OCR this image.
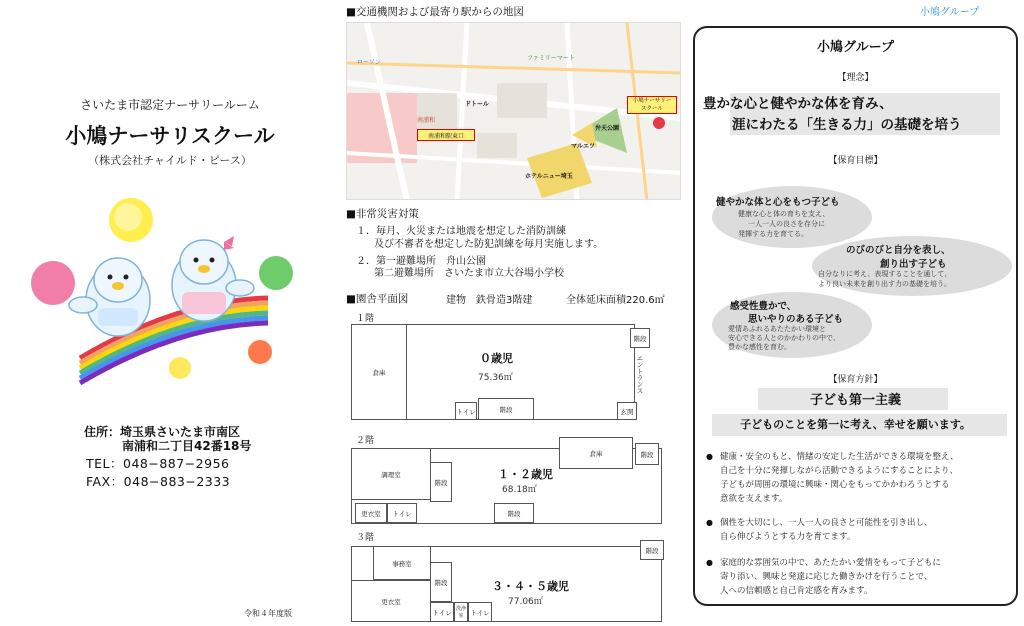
さいたま市認定ナーサリールーム
小鳩ナーサリスクール
（株式会社チャイルド・ピース）
住所：埼玉県さいたま市南区
南浦和二丁目42番18号
TEL：048−887−2956
FAX：048−883−2333
令和４年度版
■交通機関および最寄り駅からの地図
南浦和駅東口
小鳩ナーサリー
スクール
弁天公園
ドトール
ホテルニュー埼玉
マルエツ
南浦和
ローソン
ファミリーマート
■非常災害対策
１．毎月、火災または地震を想定した消防訓練
及び不審者を想定した防犯訓練を毎月実施します。
２．第一避難場所　舟山公園
第二避難場所　さいたま市立大谷場小学校
■園舎平面図	建物　鉄骨造3階建	全体延床面積220.6㎡
１階
倉庫
０歳児
75.36㎡
トイレ	階段
階段
エントランス
玄関
２階
調理室
階段
１・２歳児
68.18㎡
倉庫	階段
更衣室	トイレ	階段
３階
事務室
階段	３・４・５歳児
77.06㎡
階段
更衣室
トイレ 洗浄室	トイレ
小鳩グループ
小鳩グループ
【理念】
豊かな心と健やかな体を育み、
涯にわたる「生きる力」の基礎を培う
【保育目標】
健やかな体と心をもつ子ども
健康な心と体の育ちを支え、
一人一人の良さを存分に
発揮する力を育てる。
のびのびと自分を表し、
創り出す子ども
自分なりに考え、表現することを通して、
より良い未来を創り出す力の基礎を培う。
感受性豊かで、
思いやりのある子ども
愛情あふれるあたたかい環境と
安心できる人とのかかわりの中で、
豊かな感性を育む。
【保育方針】
子ども第一主義
子どものことを第一に考え、幸せを願います。
● 健康・安全のもと、情緒の安定した生活ができる環境を整え、
自己を十分に発揮しながら活動できるようにすることにより、
子どもが周囲の環境に興味・関心をもってかかわろうとする
意欲を支えます。
● 個性を大切にし、一人一人の良さと可能性を引き出し、
自ら伸びようとする力を育てます。
● 家庭的な雰囲気の中で、あたたかい愛情をもって子どもに
寄り添い、興味と発達に応じた働きかけを行うことで、
人への信頼感と自己肯定感を育みます。
